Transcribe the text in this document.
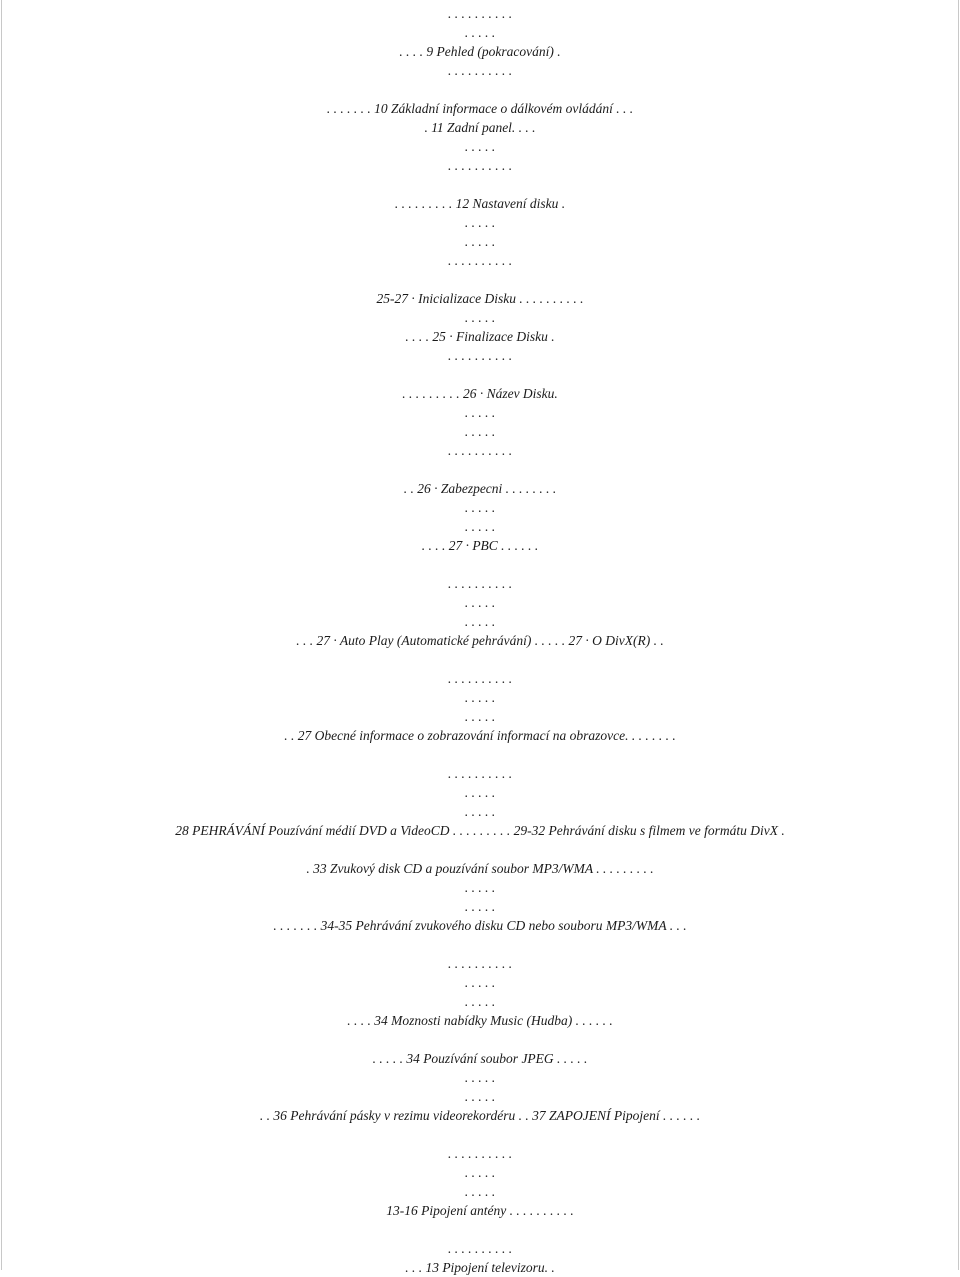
. . . . . . . . . .
. . . . .
. . . . 9 Pehled (pokracování) .
. . . . . . . . . .
. . . . . . . 10 Základní informace o dálkovém ovládání . . .
. 11 Zadní panel. . . .
. . . . .
. . . . . . . . . .
. . . . . . . . . 12 Nastavení disku .
. . . . .
. . . . .
. . . . . . . . . .
25-27 · Inicializace Disku . . . . . . . . . .
. . . . .
. . . . 25 · Finalizace Disku .
. . . . . . . . . .
. . . . . . . . . 26 · Název Disku.
. . . . .
. . . . .
. . . . . . . . . .
. . 26 · Zabezpecni . . . . . . . .
. . . . .
. . . . .
. . . . 27 · PBC . . . . . .
. . . . . . . . . .
. . . . .
. . . . .
. . . 27 · Auto Play (Automatické pehrávání) . . . . . 27 · O DivX(R) . .
. . . . . . . . . .
. . . . .
. . . . .
. . 27 Obecné informace o zobrazování informací na obrazovce. . . . . . . .
. . . . . . . . . .
. . . . .
. . . . .
28 PEHRÁVÁNÍ Pouzívání médií DVD a VideoCD . . . . . . . . . 29-32 Pehrávání disku s filmem ve formátu DivX .
. 33 Zvukový disk CD a pouzívání soubor MP3/WMA . . . . . . . . .
. . . . .
. . . . .
. . . . . . . 34-35 Pehrávání zvukového disku CD nebo souboru MP3/WMA . . .
. . . . . . . . . .
. . . . .
. . . . .
. . . . 34 Moznosti nabídky Music (Hudba) . . . . . .
. . . . . 34 Pouzívání soubor JPEG . . . . .
. . . . .
. . . . .
. . 36 Pehrávání pásky v rezimu videorekordéru . . 37 ZAPOJENÍ Pipojení . . . . . .
. . . . . . . . . .
. . . . .
. . . . .
13-16 Pipojení antény . . . . . . . . . .
. . . . . . . . . .
. . . 13 Pipojení televizoru. .
